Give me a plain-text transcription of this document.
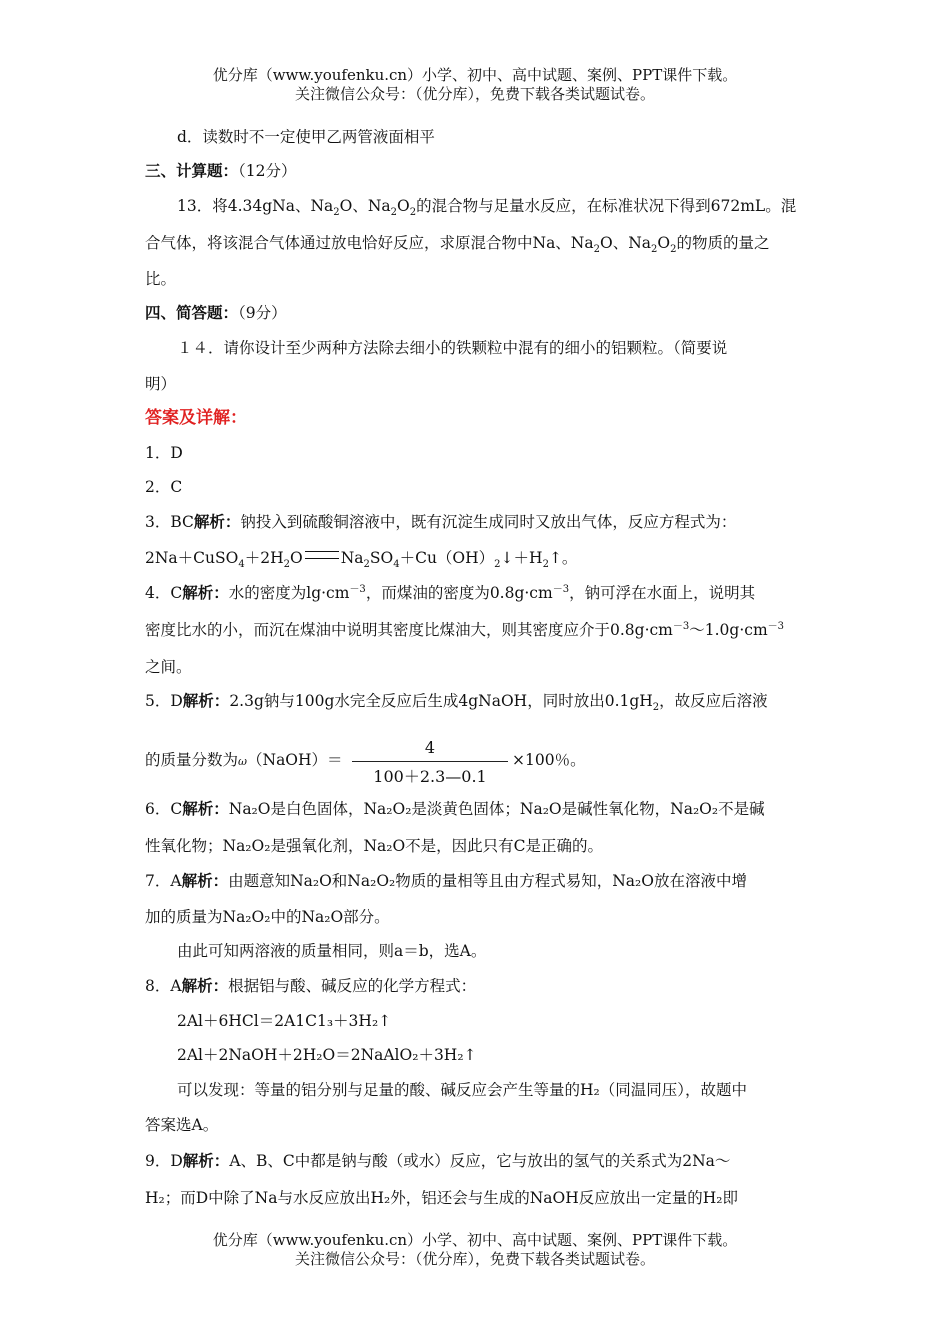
优分库（www.youfenku.cn）小学、初中、高中试题、案例、PPT课件下载。
关注微信公众号：（优分库），免费下载各类试题试卷。
d．读数时不一定使甲乙两管液面相平
三、计算题：（12分）
13．将4.34gNa、$Na_2O$、$Na_2O_2$的混合物与足量水反应，在标准状况下得到672mL。混
合气体，将该混合气体通过放电恰好反应，求原混合物中Na、$Na_2O$、$Na_2O_2$的物质的量之
比。
四、简答题：（9分）
１４．请你设计至少两种方法除去细小的铁颗粒中混有的细小的铝颗粒。（简要说
明）
答案及详解：
1．D
2．C
3．BC解析：钠投入到硫酸铜溶液中，既有沉淀生成同时又放出气体，反应方程式为：
$2Na+CuSO_4+2H_2O$ $Na_2SO_4+Cu(OH)_2↓+H_2↑$。
4．C解析：水的密度为$\lg\cdot cm^{-3}$，而煤油的密度为$0.8g\cdot cm^{-3}$，钠可浮在水面上，说明其
密度比水的小，而沉在煤油中说明其密度比煤油大，则其密度应介于$0.8g\cdot cm^{-3}\sim 1.0g\cdot cm^{-3}$
之间。
5．D解析：2.3g钠与100g水完全反应后生成4gNaOH，同时放出$0.1gH_2$，故反应后溶液
的质量分数为ω（NaOH）＝
4
100＋2.3—0.1
×100％。
6．C解析：Na₂O是白色固体，Na₂O₂是淡黄色固体；Na₂O是碱性氧化物，Na₂O₂不是碱
性氧化物；Na₂O₂是强氧化剂，Na₂O不是，因此只有C是正确的。
7．A解析：由题意知Na₂O和Na₂O₂物质的量相等且由方程式易知，Na₂O放在溶液中增
加的质量为Na₂O₂中的Na₂O部分。
由此可知两溶液的质量相同，则a＝b，选A。
8．A解析：根据铝与酸、碱反应的化学方程式：
2Al＋6HCl＝2A1C1₃＋3H₂↑
2Al＋2NaOH＋2H₂O＝2NaAlO₂＋3H₂↑
可以发现：等量的铝分别与足量的酸、碱反应会产生等量的H₂（同温同压），故题中
答案选A。
9．D解析：A、B、C中都是钠与酸（或水）反应，它与放出的氢气的关系式为2Na～
H₂；而D中除了Na与水反应放出H₂外，铝还会与生成的NaOH反应放出一定量的H₂即
优分库（www.youfenku.cn）小学、初中、高中试题、案例、PPT课件下载。
关注微信公众号：（优分库），免费下载各类试题试卷。
